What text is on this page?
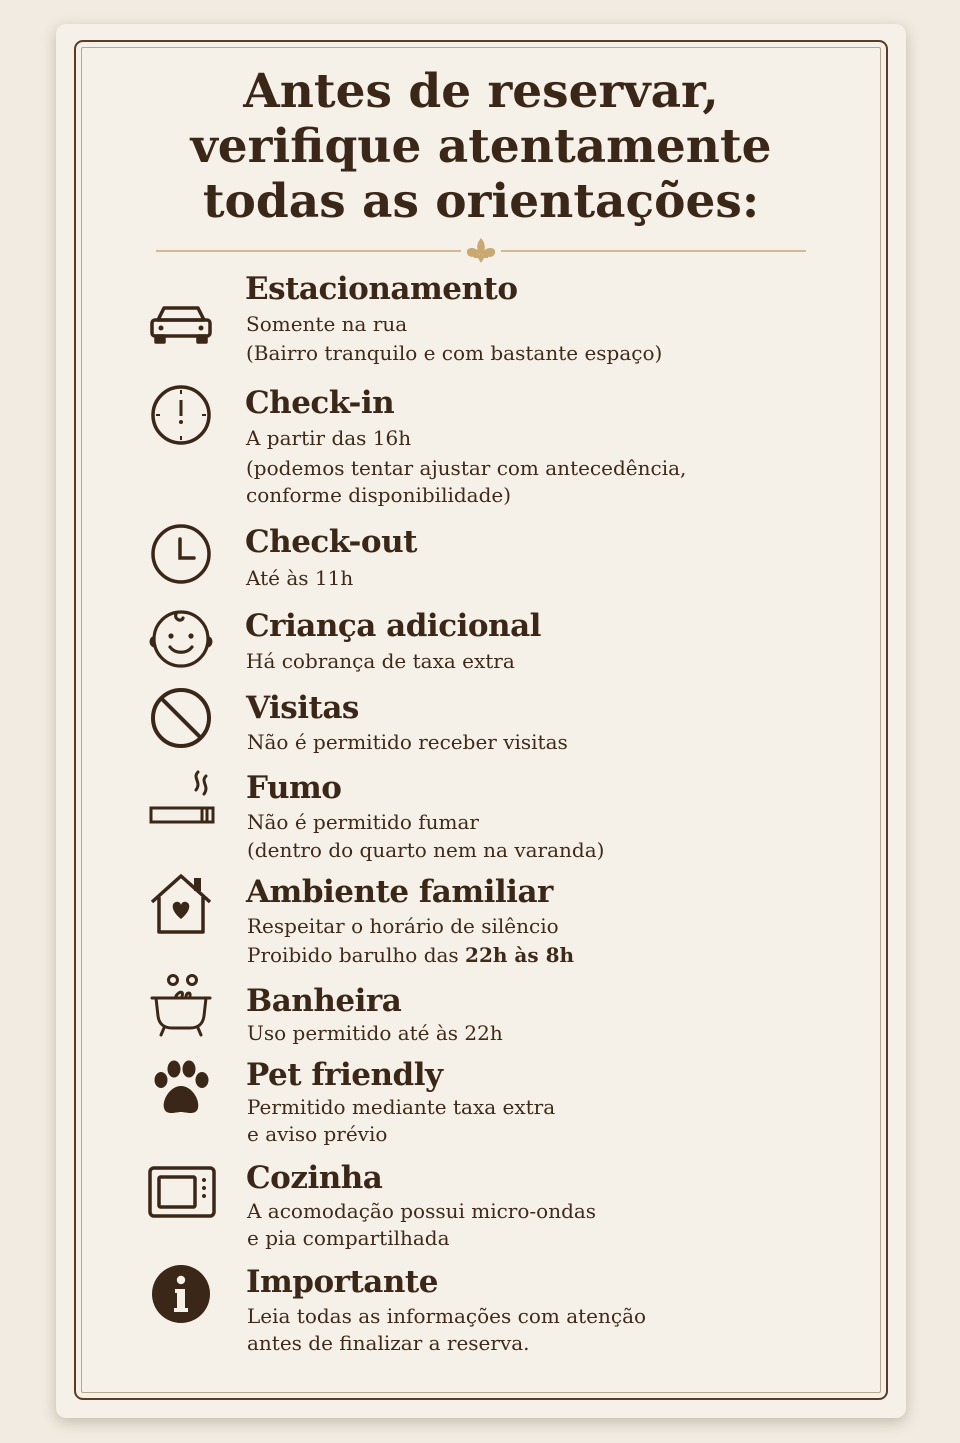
Antes de reservar,
verifique atentamente
todas as orientações:
Estacionamento
Somente na rua
(Bairro tranquilo e com bastante espaço)
Check-in
A partir das 16h
(podemos tentar ajustar com antecedência,
conforme disponibilidade)
Check-out
Até às 11h
Criança adicional
Há cobrança de taxa extra
Visitas
Não é permitido receber visitas
Fumo
Não é permitido fumar
(dentro do quarto nem na varanda)
Ambiente familiar
Respeitar o horário de silêncio
Proibido barulho das 22h às 8h
Banheira
Uso permitido até às 22h
Pet friendly
Permitido mediante taxa extra
e aviso prévio
Cozinha
A acomodação possui micro-ondas
e pia compartilhada
Importante
Leia todas as informações com atenção
antes de finalizar a reserva.
